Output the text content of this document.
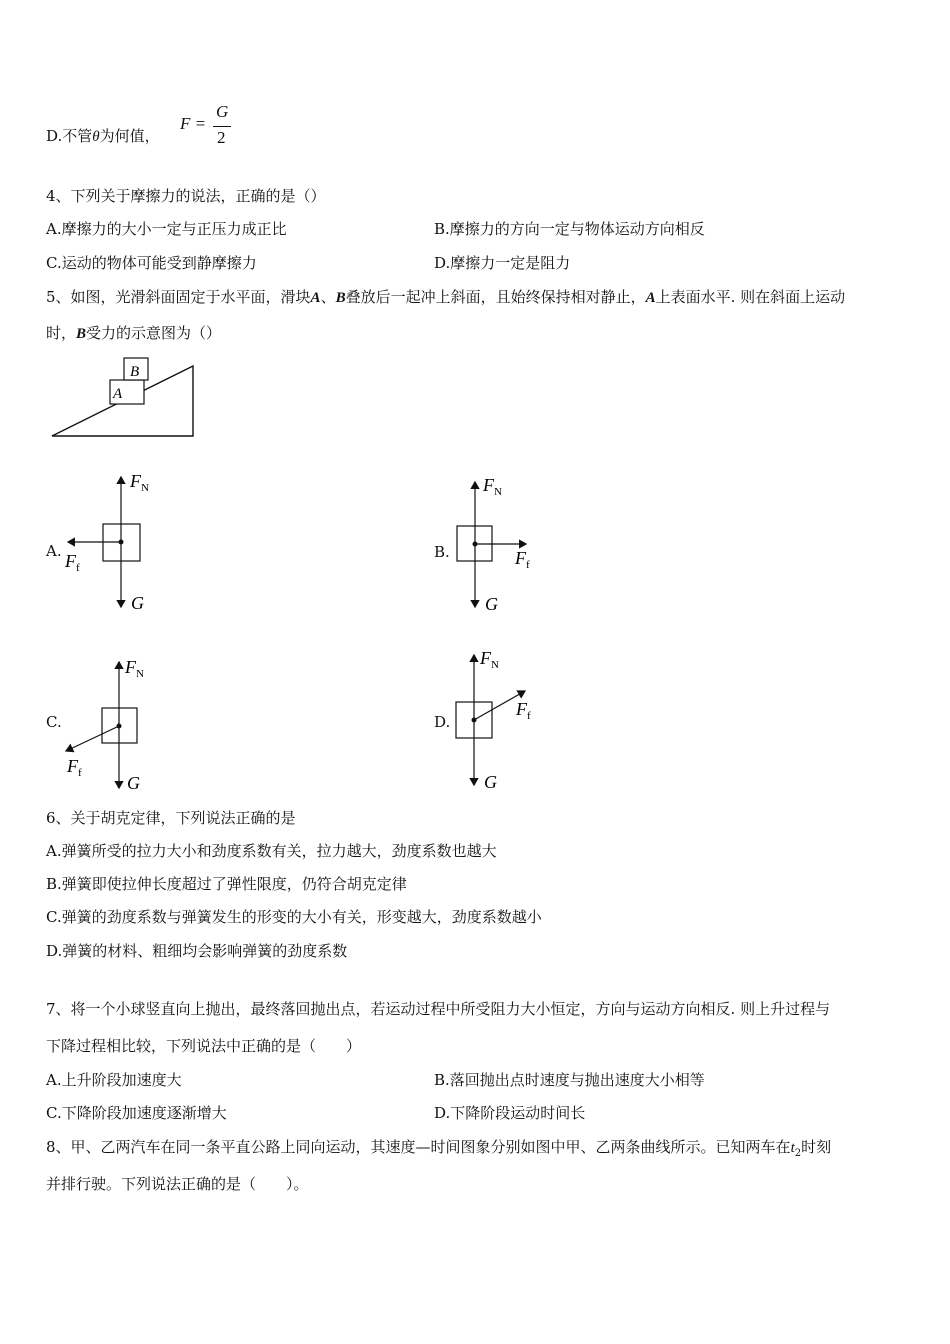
D.不管θ为何值，
F =
G
2
4、下列关于摩擦力的说法，正确的是（）
A.摩擦力的大小一定与正压力成正比	B.摩擦力的方向一定与物体运动方向相反
C.运动的物体可能受到静摩擦力	D.摩擦力一定是阻力
5、如图，光滑斜面固定于水平面，滑块A、B叠放后一起冲上斜面，且始终保持相对静止，A上表面水平. 则在斜面上运动
时，B受力的示意图为（）
B
A
A.
$F_N$
$F_f$
G
B.
$F_N$
$F_f$
G
C.
$F_N$
$F_f$	G
D.
$F_N$
$F_f$
G
6、关于胡克定律，下列说法正确的是
A.弹簧所受的拉力大小和劲度系数有关，拉力越大，劲度系数也越大
B.弹簧即使拉伸长度超过了弹性限度，仍符合胡克定律
C.弹簧的劲度系数与弹簧发生的形变的大小有关，形变越大，劲度系数越小
D.弹簧的材料、粗细均会影响弹簧的劲度系数
7、将一个小球竖直向上抛出，最终落回抛出点，若运动过程中所受阻力大小恒定，方向与运动方向相反. 则上升过程与
下降过程相比较，下列说法中正确的是（　　）
A.上升阶段加速度大	B.落回抛出点时速度与抛出速度大小相等
C.下降阶段加速度逐渐增大	D.下降阶段运动时间长
8、甲、乙两汽车在同一条平直公路上同向运动，其速度—时间图象分别如图中甲、乙两条曲线所示。已知两车在$t_2$时刻
并排行驶。下列说法正确的是（　　）。
